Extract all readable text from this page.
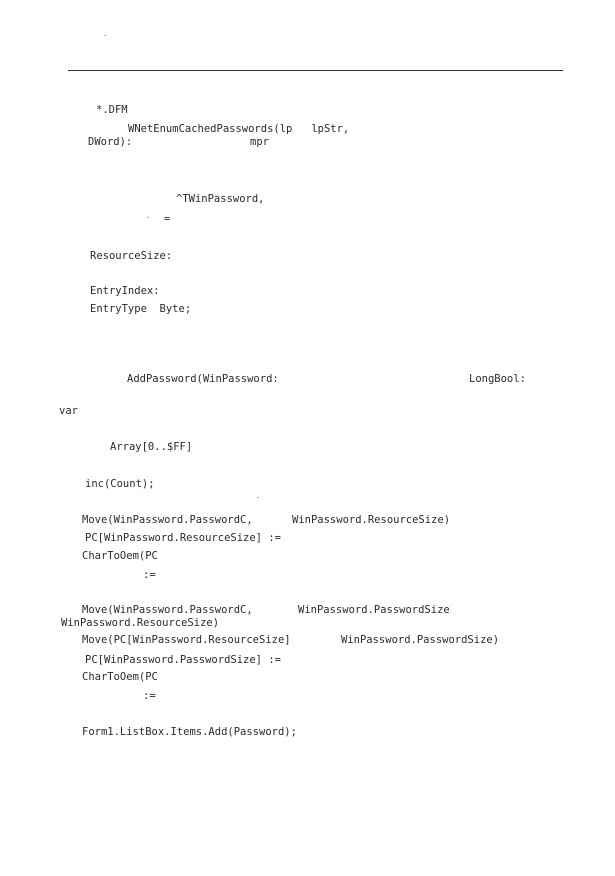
*.DFM
WNetEnumCachedPasswords(lp   lpStr,
DWord):	mpr
^TWinPassword,
=
ResourceSize:
EntryIndex:
EntryType  Byte;
AddPassword(WinPassword:	LongBool:
var
Array[0..$FF]
inc(Count);
Move(WinPassword.PasswordC,	WinPassword.ResourceSize)
PC[WinPassword.ResourceSize] :=
CharToOem(PC
:=
Move(WinPassword.PasswordC,	WinPassword.PasswordSize
WinPassword.ResourceSize)
Move(PC[WinPassword.ResourceSize]	WinPassword.PasswordSize)
PC[WinPassword.PasswordSize] :=
CharToOem(PC
:=
Form1.ListBox.Items.Add(Password);
